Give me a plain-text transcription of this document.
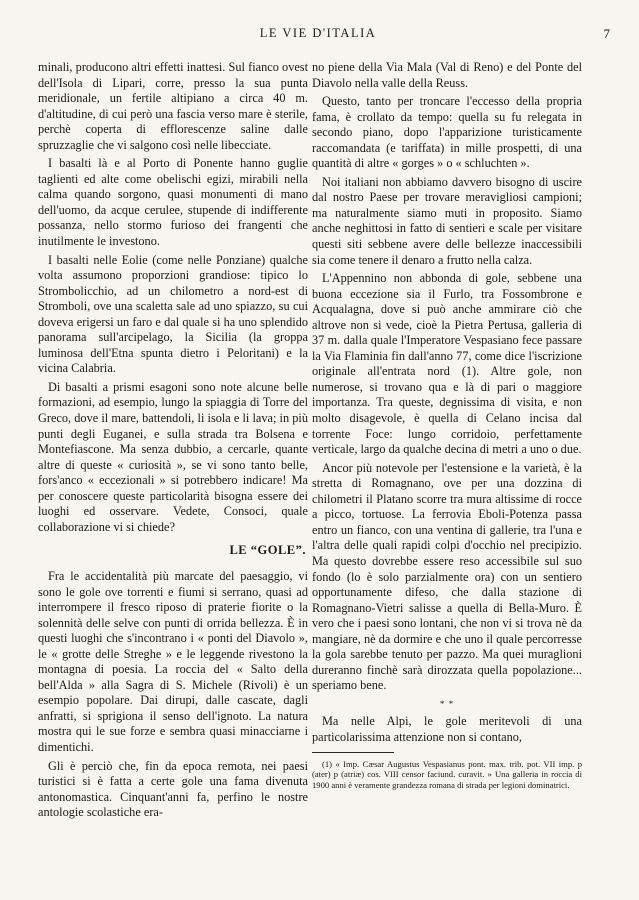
LE VIE D'ITALIA	7

minali, producono altri effetti inattesi. Sul fianco ovest dell'Isola di Lipari, corre, presso la sua punta meridionale, un fertile altipiano a circa 40 m. d'altitudine, di cui però una fascia verso mare è sterile, perchè coperta di efflorescenze saline dalle spruzzaglie che vi salgono così nelle libecciate.

I basalti là e al Porto di Ponente hanno guglie taglienti ed alte come obelischi egizi, mirabili nella calma quando sorgono, quasi monumenti di mano dell'uomo, da acque cerulee, stupende di indifferente possanza, nello stormo furioso dei frangenti che inutilmente le investono.

I basalti nelle Eolie (come nelle Ponziane) qualche volta assumono proporzioni grandiose: tipico lo Strombolicchio, ad un chilometro a nord-est di Stromboli, ove una scaletta sale ad uno spiazzo, su cui doveva erigersi un faro e dal quale si ha uno splendido panorama sull'arcipelago, la Sicilia (la groppa luminosa dell'Etna spunta dietro i Peloritani) e la vicina Calabria.

Di basalti a prismi esagoni sono note alcune belle formazioni, ad esempio, lungo la spiaggia di Torre del Greco, dove il mare, battendoli, li isola e li lava; in più punti degli Euganei, e sulla strada tra Bolsena e Montefiascone. Ma senza dubbio, a cercarle, quante altre di queste « curiosità », se vi sono tanto belle, fors'anco « eccezionali » si potrebbero indicare! Ma per conoscere queste particolarità bisogna essere dei luoghi ed osservare. Vedete, Consoci, quale collaborazione vi si chiede?

LE “GOLE”.

Fra le accidentalità più marcate del paesaggio, vi sono le gole ove torrenti e fiumi si serrano, quasi ad interrompere il fresco riposo di praterie fiorite o la solennità delle selve con punti di orrida bellezza. È in questi luoghi che s'incontrano i « ponti del Diavolo », le « grotte delle Streghe » e le leggende rivestono la montagna di poesia. La roccia del « Salto della bell'Alda » alla Sagra di S. Michele (Rivoli) è un esempio popolare. Dai dirupi, dalle cascate, dagli anfratti, si sprigiona il senso dell'ignoto. La natura mostra qui le sue forze e sembra quasi minacciarne i dimentichi.

Gli è perciò che, fin da epoca remota, nei paesi turistici si è fatta a certe gole una fama divenuta antonomastica. Cinquant'anni fa, perfino le nostre antologie scolastiche era-

no piene della Via Mala (Val di Reno) e del Ponte del Diavolo nella valle della Reuss.

Questo, tanto per troncare l'eccesso della propria fama, è crollato da tempo: quella su fu relegata in secondo piano, dopo l'apparizione turisticamente raccomandata (e tariffata) in mille prospetti, di una quantità di altre « gorges » o « schluchten ».

Noi italiani non abbiamo davvero bisogno di uscire dal nostro Paese per trovare meravigliosi campioni; ma naturalmente siamo muti in proposito. Siamo anche neghittosi in fatto di sentieri e scale per visitare questi siti sebbene avere delle bellezze inaccessibili sia come tenere il denaro a frutto nella calza.

L'Appennino non abbonda di gole, sebbene una buona eccezione sia il Furlo, tra Fossombrone e Acqualagna, dove si può anche ammirare ciò che altrove non si vede, cioè la Pietra Pertusa, galleria di 37 m. dalla quale l'Imperatore Vespasiano fece passare la Via Flaminia fin dall'anno 77, come dice l'iscrizione originale all'entrata nord (1). Altre gole, non numerose, si trovano qua e là di pari o maggiore importanza. Tra queste, degnissima di visita, e non molto disagevole, è quella di Celano incisa dal torrente Foce: lungo corridoio, perfettamente verticale, largo da qualche decina di metri a uno o due.

Ancor più notevole per l'estensione e la varietà, è la stretta di Romagnano, ove per una dozzina di chilometri il Platano scorre tra mura altissime di rocce a picco, tortuose. La ferrovia Eboli-Potenza passa entro un fianco, con una ventina di gallerie, tra l'una e l'altra delle quali rapidi colpi d'occhio nel precipizio. Ma questo dovrebbe essere reso accessibile sul suo fondo (lo è solo parzialmente ora) con un sentiero opportunamente difeso, che dalla stazione di Romagnano-Vietri salisse a quella di Bella-Muro. È vero che i paesi sono lontani, che non vi si trova nè da mangiare, nè da dormire e che uno il quale percorresse la gola sarebbe tenuto per pazzo. Ma quei muraglioni dureranno finchè sarà dirozzata quella popolazione... speriamo bene.

* *

Ma nelle Alpi, le gole meritevoli di una particolarissima attenzione non si contano,

(1) « Imp. Cæsar Augustus Vespasianus pont. max. trib. pot. VII imp. p (ater) p (atriæ) cos. VIII censor faciund. curavit. » Una galleria in roccia di 1900 anni è veramente grandezza romana di strada per legioni dominatrici.
